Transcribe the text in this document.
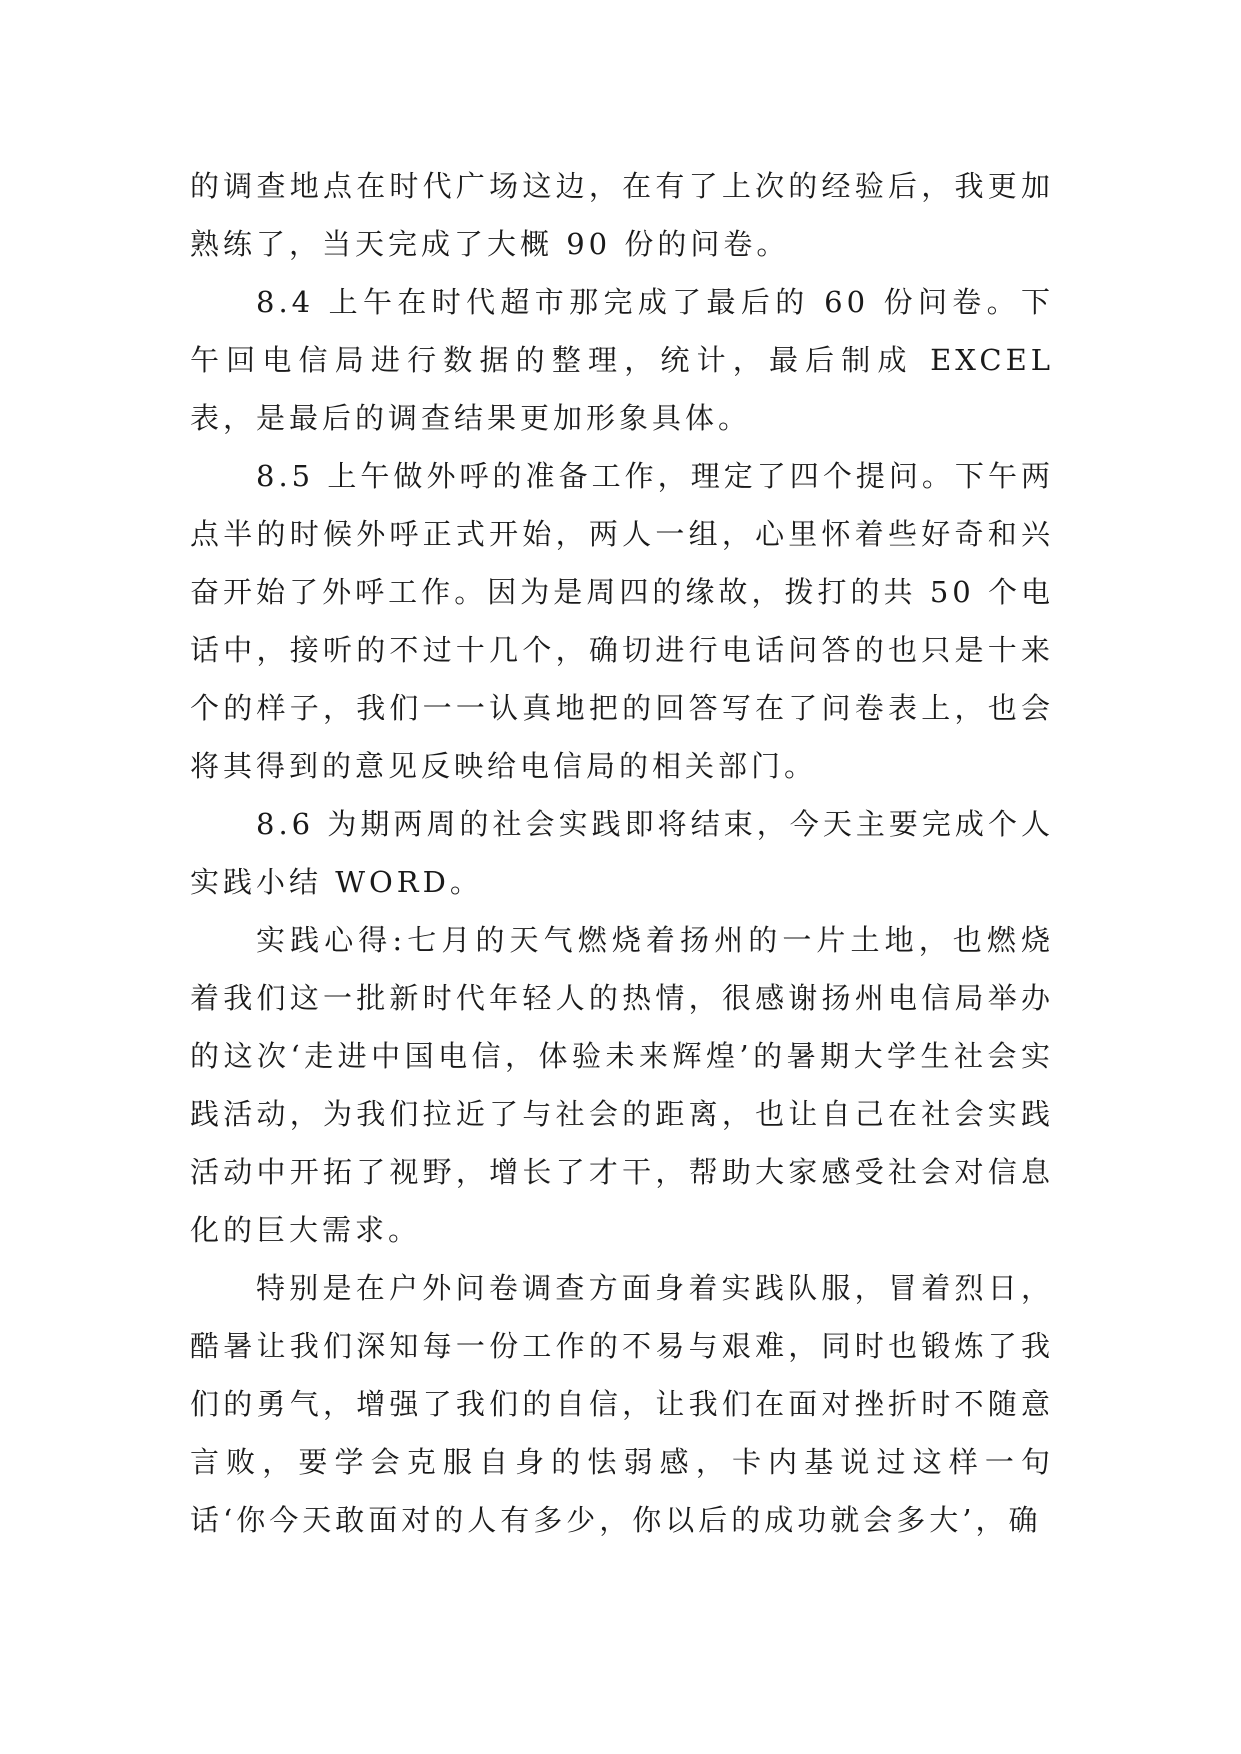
的调查地点在时代广场这边，在有了上次的经验后，我更加熟练了，当天完成了大概 90 份的问卷。

8.4 上午在时代超市那完成了最后的 60 份问卷。下午回电信局进行数据的整理，统计，最后制成 EXCEL 表，是最后的调查结果更加形象具体。

8.5 上午做外呼的准备工作，理定了四个提问。下午两点半的时候外呼正式开始，两人一组，心里怀着些好奇和兴奋开始了外呼工作。因为是周四的缘故，拨打的共 50 个电话中，接听的不过十几个，确切进行电话问答的也只是十来个的样子，我们一一认真地把的回答写在了问卷表上，也会将其得到的意见反映给电信局的相关部门。

8.6 为期两周的社会实践即将结束，今天主要完成个人实践小结 WORD。

实践心得:七月的天气燃烧着扬州的一片土地，也燃烧着我们这一批新时代年轻人的热情，很感谢扬州电信局举办的这次‘走进中国电信，体验未来辉煌’的暑期大学生社会实践活动，为我们拉近了与社会的距离，也让自己在社会实践活动中开拓了视野，增长了才干，帮助大家感受社会对信息化的巨大需求。

特别是在户外问卷调查方面身着实践队服，冒着烈日，酷暑让我们深知每一份工作的不易与艰难，同时也锻炼了我们的勇气，增强了我们的自信，让我们在面对挫折时不随意言败，要学会克服自身的怯弱感，卡内基说过这样一句话‘你今天敢面对的人有多少，你以后的成功就会多大’，确
